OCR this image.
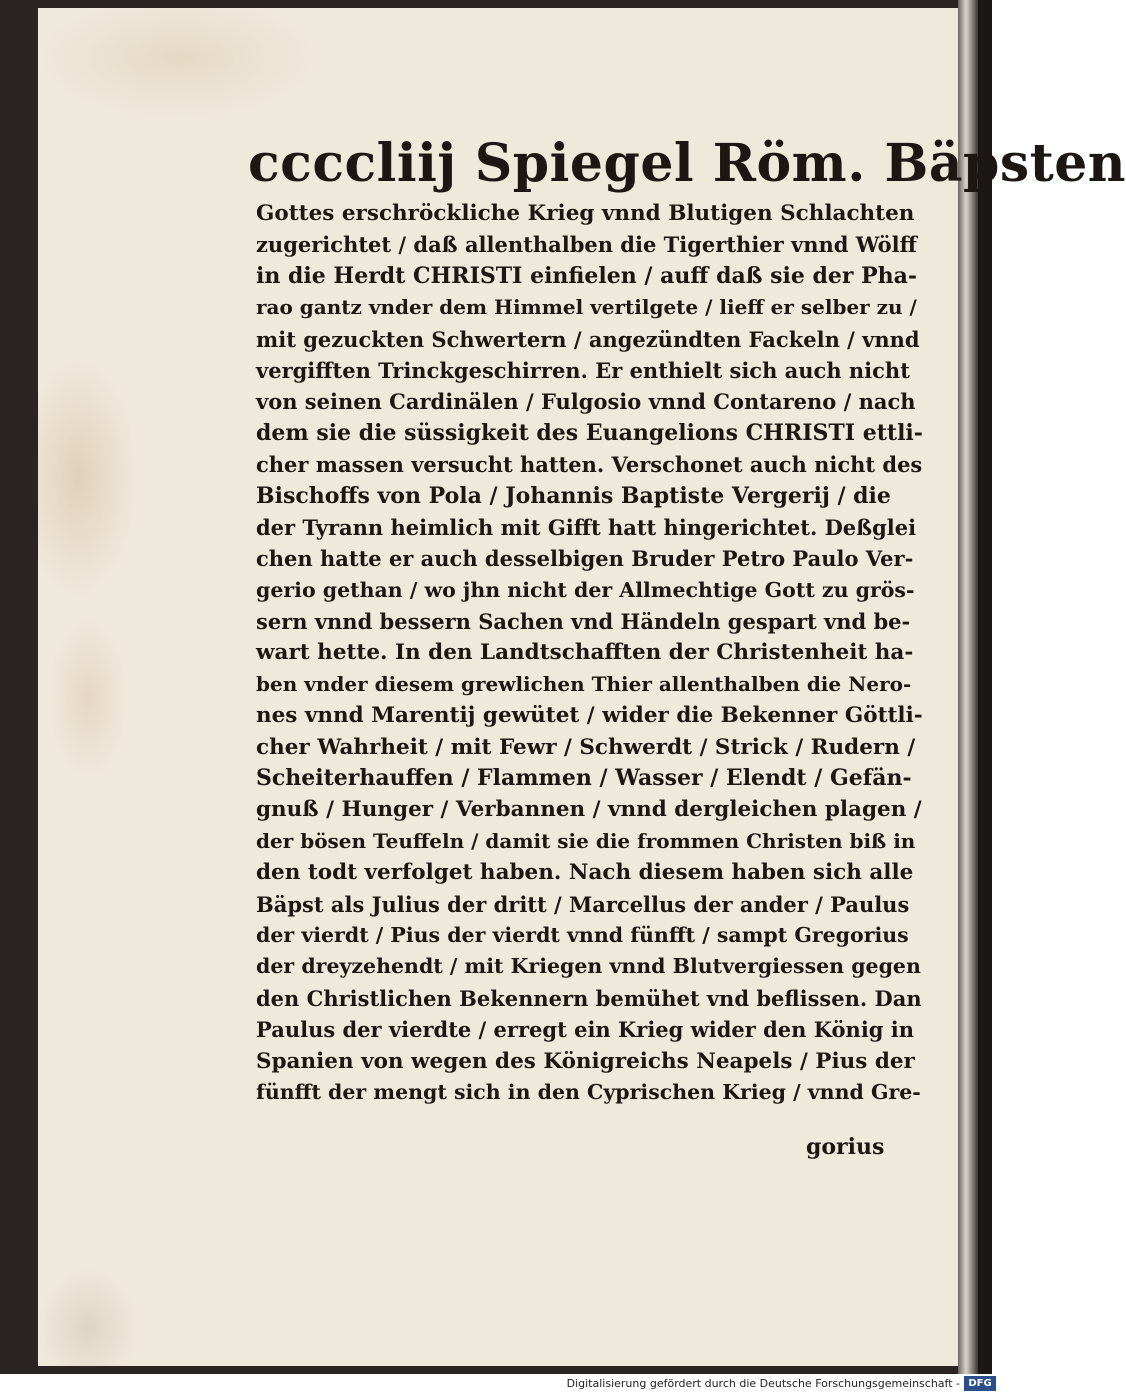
ccccliij Spiegel Röm. Bäpsten
Gottes erschröckliche Krieg vnnd Blutigen Schlachten
zugerichtet / daß allenthalben die Tigerthier vnnd Wölff
in die Herdt CHRISTI einfielen / auff daß sie der Pha-
rao gantz vnder dem Himmel vertilgete / lieff er selber zu /
mit gezuckten Schwertern / angezündten Fackeln / vnnd
vergifften Trinckgeschirren. Er enthielt sich auch nicht
von seinen Cardinälen / Fulgosio vnnd Contareno / nach
dem sie die süssigkeit des Euangelions CHRISTI ettli-
cher massen versucht hatten. Verschonet auch nicht des
Bischoffs von Pola / Johannis Baptiste Vergerij / die
der Tyrann heimlich mit Gifft hatt hingerichtet. Deßglei
chen hatte er auch desselbigen Bruder Petro Paulo Ver-
gerio gethan / wo jhn nicht der Allmechtige Gott zu grös-
sern vnnd bessern Sachen vnd Händeln gespart vnd be-
wart hette. In den Landtschafften der Christenheit ha-
ben vnder diesem grewlichen Thier allenthalben die Nero-
nes vnnd Marentij gewütet / wider die Bekenner Göttli-
cher Wahrheit / mit Fewr / Schwerdt / Strick / Rudern /
Scheiterhauffen / Flammen / Wasser / Elendt / Gefän-
gnuß / Hunger / Verbannen / vnnd dergleichen plagen /
der bösen Teuffeln / damit sie die frommen Christen biß in
den todt verfolget haben. Nach diesem haben sich alle
Bäpst als Julius der dritt / Marcellus der ander / Paulus
der vierdt / Pius der vierdt vnnd fünfft / sampt Gregorius
der dreyzehendt / mit Kriegen vnnd Blutvergiessen gegen
den Christlichen Bekennern bemühet vnd beflissen. Dan
Paulus der vierdte / erregt ein Krieg wider den König in
Spanien von wegen des Königreichs Neapels / Pius der
fünfft der mengt sich in den Cyprischen Krieg / vnnd Gre-
gorius
Digitalisierung gefördert durch die Deutsche Forschungsgemeinschaft - DFG
